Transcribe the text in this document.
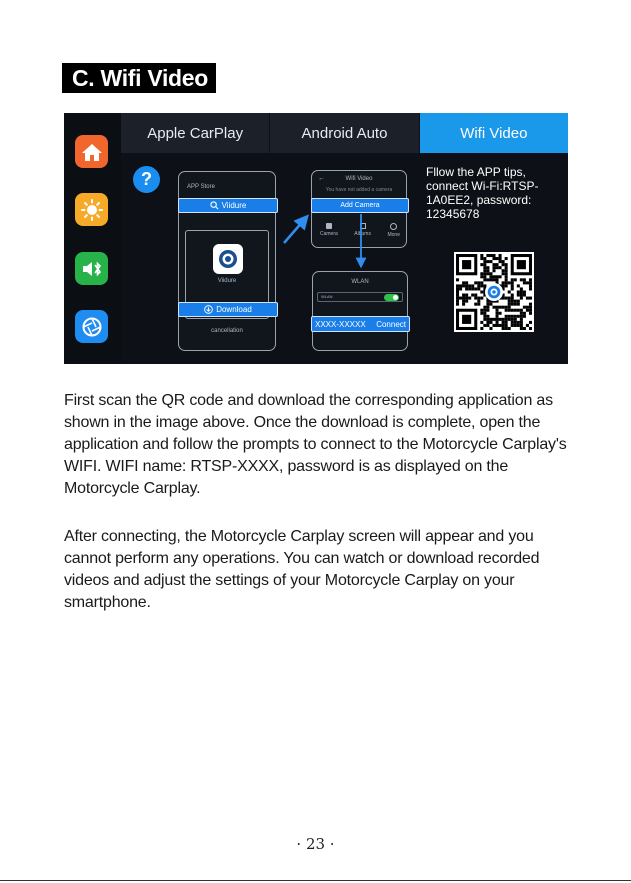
C. Wifi Video
Apple CarPlay	Android Auto	Wifi Video
?	APP Store
Viidure
cancellation
Viidure
Download
←	Wifi Video
You have not added a camera
Camera	Albums	Mone
Add Camera
WLAN
WLAN
XXXX-XXXXX Connect
Fllow the APP tips, connect Wi-Fi:RTSP-1A0EE2, password: 12345678

First scan the QR code and download the corresponding application as shown in the image above. Once the download is complete, open the application and follow the prompts to connect to the Motorcycle Carplay's WIFI. WIFI name: RTSP-XXXX, password is as displayed on the Motorcycle Carplay.

After connecting, the Motorcycle Carplay screen will appear and you cannot perform any operations. You can watch or download recorded videos and adjust the settings of your Motorcycle Carplay on your smartphone.

· 23 ·
